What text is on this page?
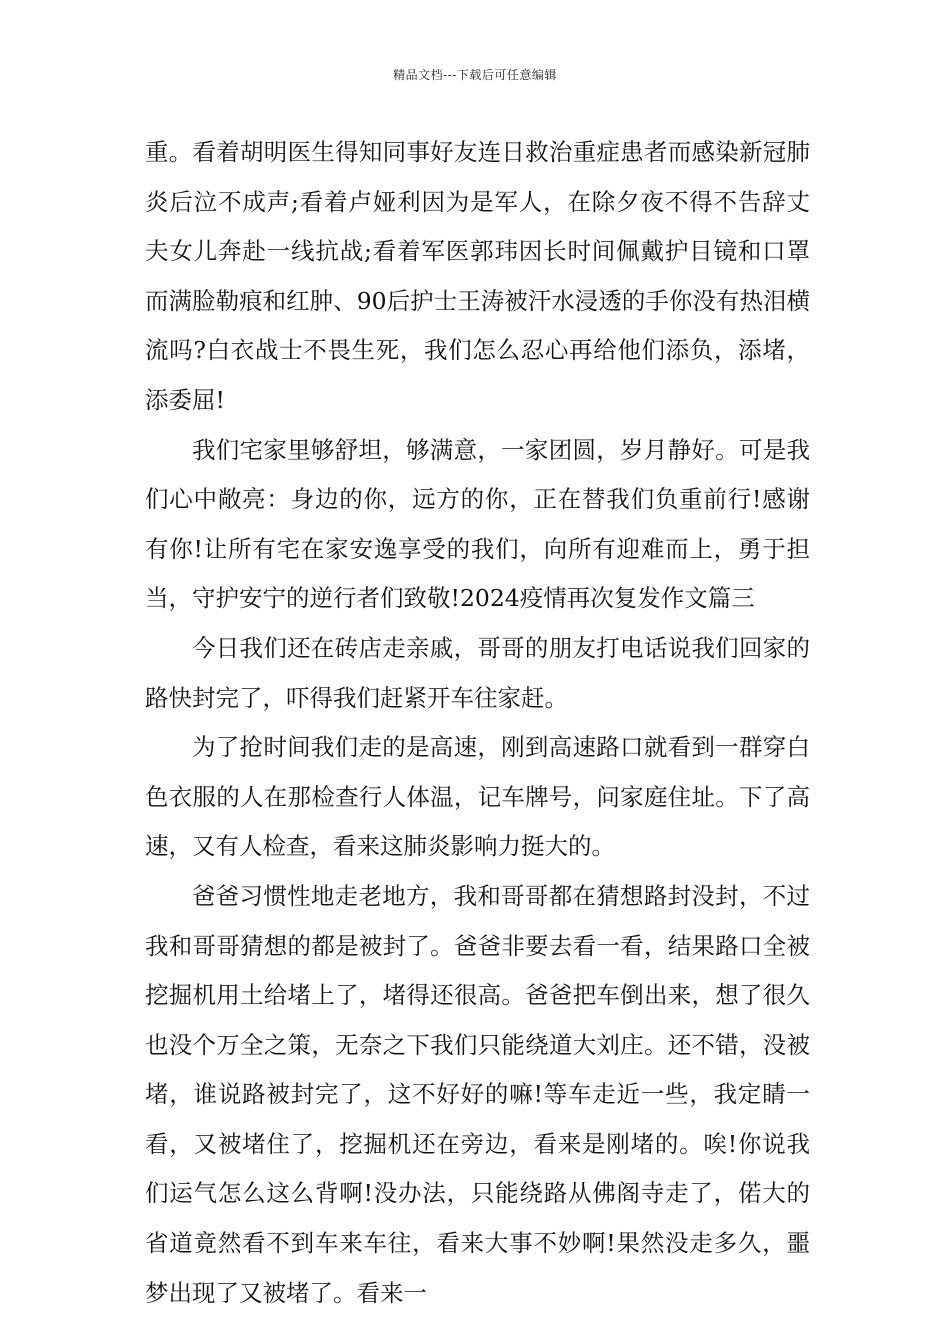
精品文档---下载后可任意编辑

重。看着胡明医生得知同事好友连日救治重症患者而感染新冠肺炎后泣不成声;看着卢娅利因为是军人，在除夕夜不得不告辞丈夫女儿奔赴一线抗战;看着军医郭玮因长时间佩戴护目镜和口罩而满脸勒痕和红肿、90后护士王涛被汗水浸透的手你没有热泪横流吗?白衣战士不畏生死，我们怎么忍心再给他们添负，添堵，添委屈!

我们宅家里够舒坦，够满意，一家团圆，岁月静好。可是我们心中敞亮：身边的你，远方的你，正在替我们负重前行!感谢有你!让所有宅在家安逸享受的我们，向所有迎难而上，勇于担当，守护安宁的逆行者们致敬!2024疫情再次复发作文篇三

今日我们还在砖店走亲戚，哥哥的朋友打电话说我们回家的路快封完了，吓得我们赶紧开车往家赶。

为了抢时间我们走的是高速，刚到高速路口就看到一群穿白色衣服的人在那检查行人体温，记车牌号，问家庭住址。下了高速，又有人检查，看来这肺炎影响力挺大的。

爸爸习惯性地走老地方，我和哥哥都在猜想路封没封，不过我和哥哥猜想的都是被封了。爸爸非要去看一看，结果路口全被挖掘机用土给堵上了，堵得还很高。爸爸把车倒出来，想了很久也没个万全之策，无奈之下我们只能绕道大刘庄。还不错，没被堵，谁说路被封完了，这不好好的嘛!等车走近一些，我定睛一看，又被堵住了，挖掘机还在旁边，看来是刚堵的。唉!你说我们运气怎么这么背啊!没办法，只能绕路从佛阁寺走了，偌大的省道竟然看不到车来车往，看来大事不妙啊!果然没走多久，噩梦出现了又被堵了。看来一
